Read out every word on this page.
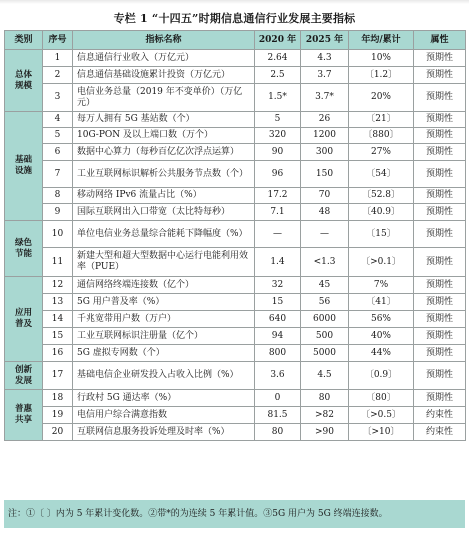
专栏 1 “十四五”时期信息通信行业发展主要指标
类别	序号	指标名称	2020 年	2025 年	年均/累计	属性
总体
规模	1	信息通信行业收入（万亿元）	2.64	4.3	10%	预期性
	2	信息通信基础设施累计投资（万亿元）	2.5	3.7	〔1.2〕	预期性
	3	电信业务总量（2019 年不变单价）（万亿元）	1.5*	3.7*	20%	预期性
基础
设施	4	每万人拥有 5G 基站数（个）	5	26	〔21〕	预期性
	5	10G-PON 及以上端口数（万个）	320	1200	〔880〕	预期性
	6	数据中心算力（每秒百亿亿次浮点运算）	90	300	27%	预期性
	7	工业互联网标识解析公共服务节点数（个）	96	150	〔54〕	预期性
	8	移动网络 IPv6 流量占比（%）	17.2	70	〔52.8〕	预期性
	9	国际互联网出入口带宽（太比特每秒）	7.1	48	〔40.9〕	预期性
绿色
节能	10	单位电信业务总量综合能耗下降幅度（%）	—	—	〔15〕	预期性
	11	新建大型和超大型数据中心运行电能利用效率（PUE）	1.4	<1.3	〔>0.1〕	预期性
应用
普及	12	通信网络终端连接数（亿个）	32	45	7%	预期性
	13	5G 用户普及率（%）	15	56	〔41〕	预期性
	14	千兆宽带用户数（万户）	640	6000	56%	预期性
	15	工业互联网标识注册量（亿个）	94	500	40%	预期性
	16	5G 虚拟专网数（个）	800	5000	44%	预期性
创新
发展	17	基础电信企业研发投入占收入比例（%）	3.6	4.5	〔0.9〕	预期性
普惠
共享	18	行政村 5G 通达率（%）	0	80	〔80〕	预期性
	19	电信用户综合满意指数	81.5	>82	〔>0.5〕	约束性
	20	互联网信息服务投诉处理及时率（%）	80	>90	〔>10〕	约束性
注：①〔 〕内为 5 年累计变化数。②带*的为连续 5 年累计值。③5G 用户为 5G 终端连接数。
